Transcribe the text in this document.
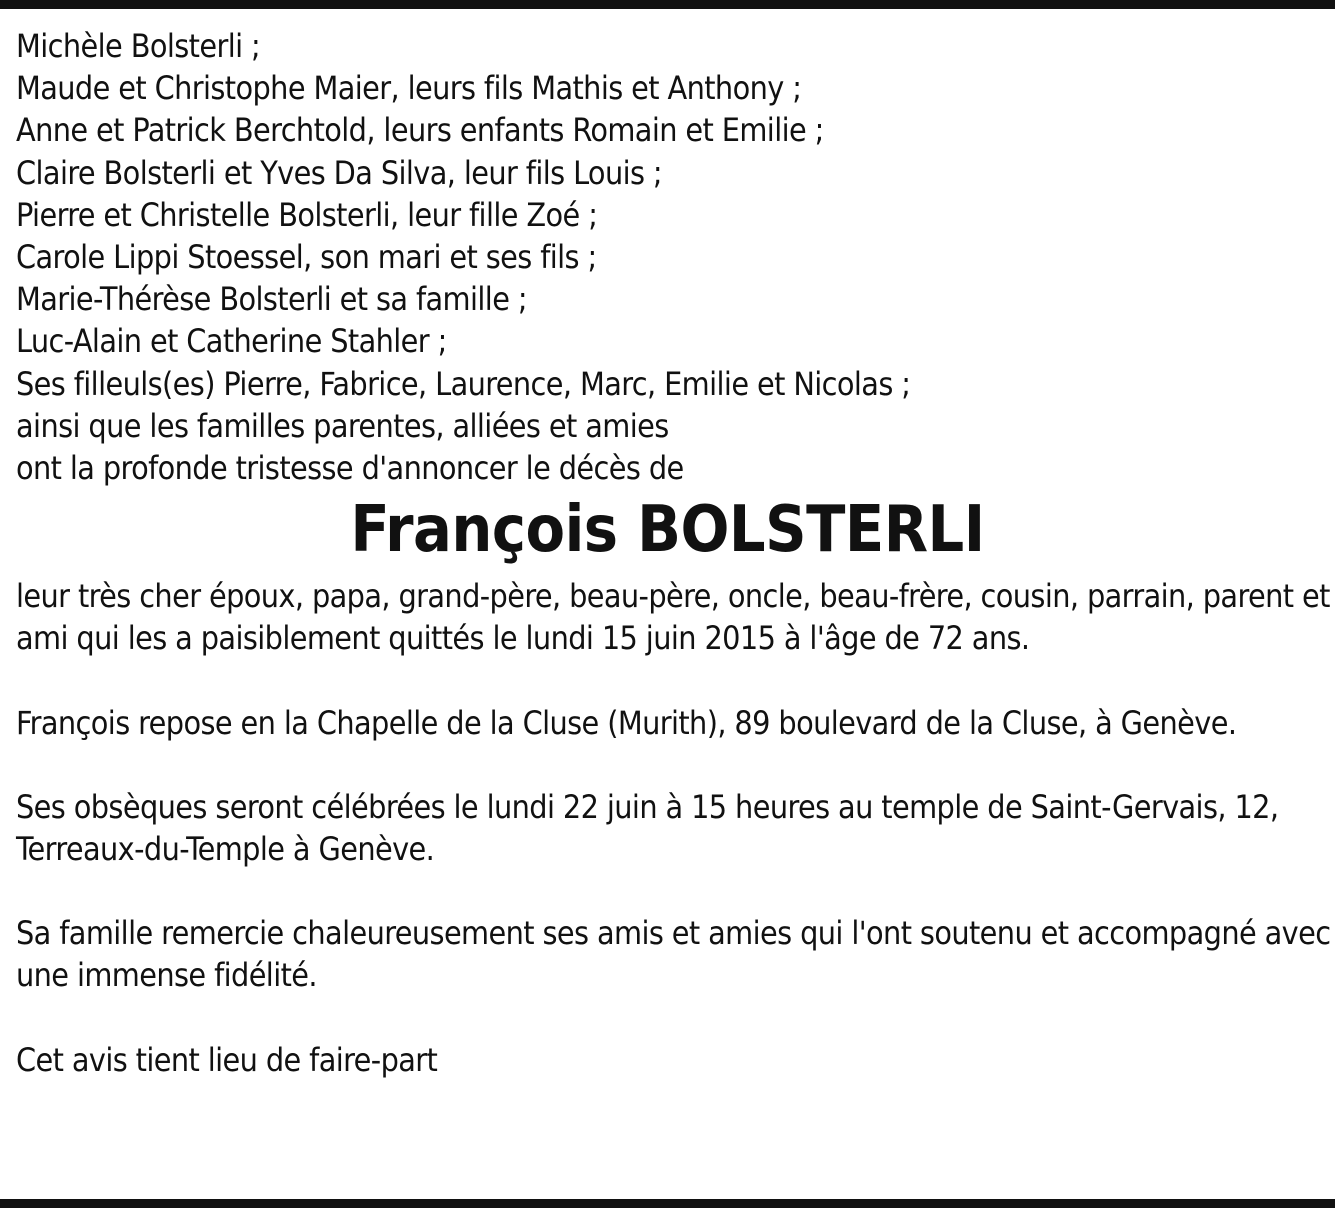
Michèle Bolsterli ;
Maude et Christophe Maier, leurs fils Mathis et Anthony ;
Anne et Patrick Berchtold, leurs enfants Romain et Emilie ;
Claire Bolsterli et Yves Da Silva, leur fils Louis ;
Pierre et Christelle Bolsterli, leur fille Zoé ;
Carole Lippi Stoessel, son mari et ses fils ;
Marie-Thérèse Bolsterli et sa famille ;
Luc-Alain et Catherine Stahler ;
Ses filleuls(es) Pierre, Fabrice, Laurence, Marc, Emilie et Nicolas ;
ainsi que les familles parentes, alliées et amies

ont la profonde tristesse d'annoncer le décès de

François BOLSTERLI

leur très cher époux, papa, grand-père, beau-père, oncle, beau-frère, cousin, parrain, parent et ami qui les a paisiblement quittés le lundi 15 juin 2015 à l'âge de 72 ans.

François repose en la Chapelle de la Cluse (Murith), 89 boulevard de la Cluse, à Genève.

Ses obsèques seront célébrées le lundi 22 juin à 15 heures au temple de Saint-Gervais, 12, Terreaux-du-Temple à Genève.

Sa famille remercie chaleureusement ses amis et amies qui l'ont soutenu et accompagné avec une immense fidélité.

Cet avis tient lieu de faire-part
